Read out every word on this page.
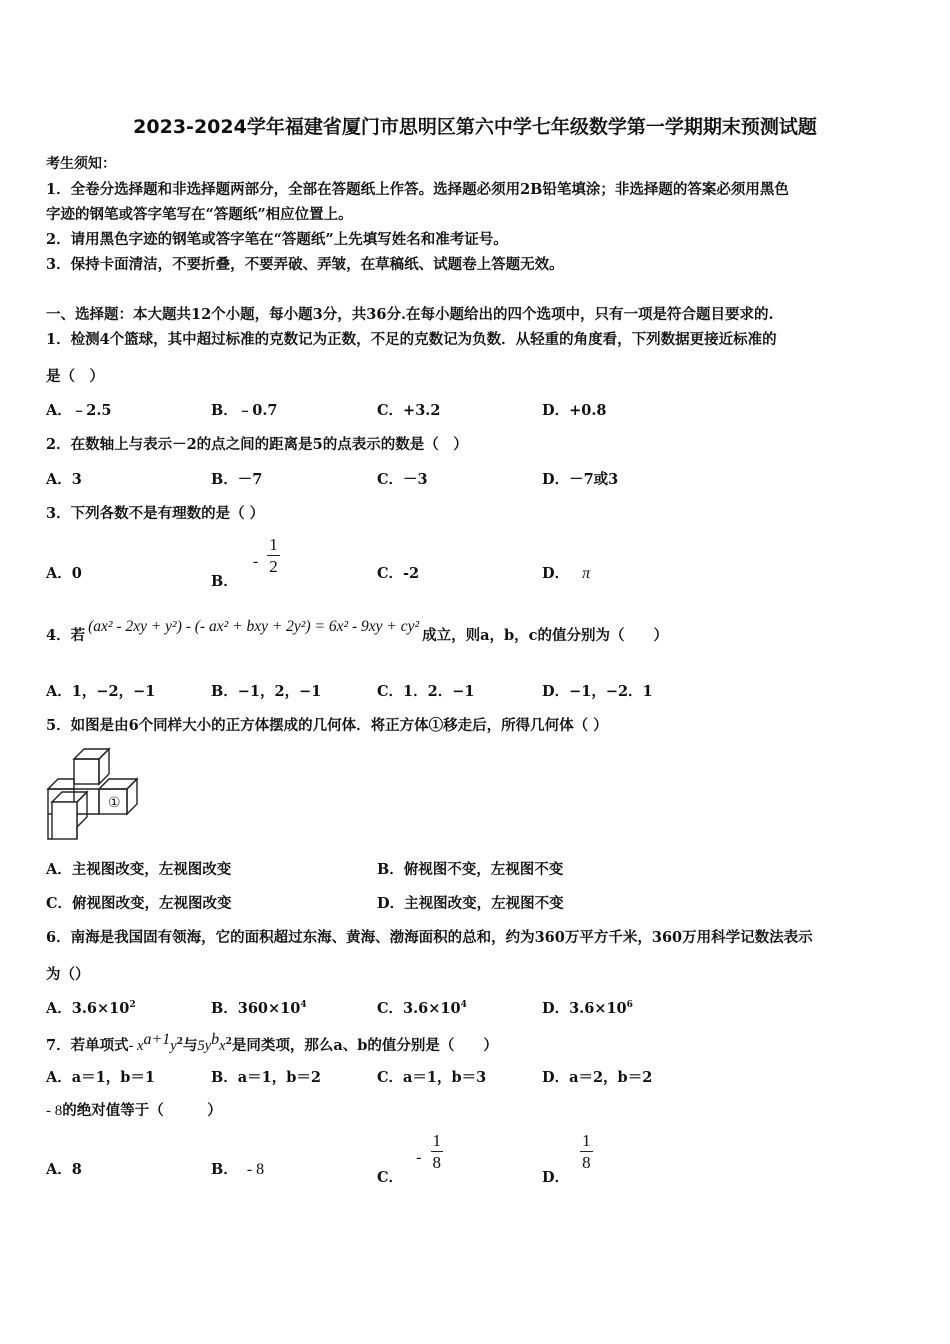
2023-2024学年福建省厦门市思明区第六中学七年级数学第一学期期末预测试题
考生须知：
1．全卷分选择题和非选择题两部分，全部在答题纸上作答。选择题必须用2B铅笔填涂；非选择题的答案必须用黑色
字迹的钢笔或答字笔写在“答题纸”相应位置上。
2．请用黑色字迹的钢笔或答字笔在“答题纸”上先填写姓名和准考证号。
3．保持卡面清洁，不要折叠，不要弄破、弄皱，在草稿纸、试题卷上答题无效。
一、选择题：本大题共12个小题，每小题3分，共36分.在每小题给出的四个选项中，只有一项是符合题目要求的.
1．检测4个篮球，其中超过标准的克数记为正数，不足的克数记为负数．从轻重的角度看，下列数据更接近标准的
是（　）
A．﹣2.5	B．﹣0.7	C．+3.2	D．+0.8
2．在数轴上与表示－2的点之间的距离是5的点表示的数是（　）
A．3	B．－7	C．－3	D．－7或3
3．下列各数不是有理数的是（ ）
A．0	B． - $\frac{1}{2}$	C．-2	D． π
4．若
(ax² - 2xy + y²) - (- ax² + bxy + 2y²) = 6x² - 9xy + cy²
成立，则a，b，c的值分别为（　　）
A．1，−2，−1	B．−1，2，−1	C．1．2．−1	D．−1，−2．1
5．如图是由6个同样大小的正方体摆成的几何体．将正方体①移走后，所得几何体（ ）
①
A．主视图改变，左视图改变	B．俯视图不变，左视图不变
C．俯视图改变，左视图改变	D．主视图改变，左视图不变
6．南海是我国固有领海，它的面积超过东海、黄海、渤海面积的总和，约为360万平方千米，360万用科学记数法表示
为（）
A．$3.6\times 10^2$	B．$360\times 10^4$	C．$3.6\times 10^4$	D．$3.6\times 10^6$
7．若单项式- $x^{a+1}y^2$与$5y^bx^2$是同类项，那么a、b的值分别是（　　）
A．a＝1，b＝1	B．a＝1，b＝2	C．a＝1，b＝3	D．a＝2，b＝2
- 8的绝对值等于（　　　）
A．8	B． - 8	C． - $\frac{1}{8}$
D．
$\frac{1}{8}$
